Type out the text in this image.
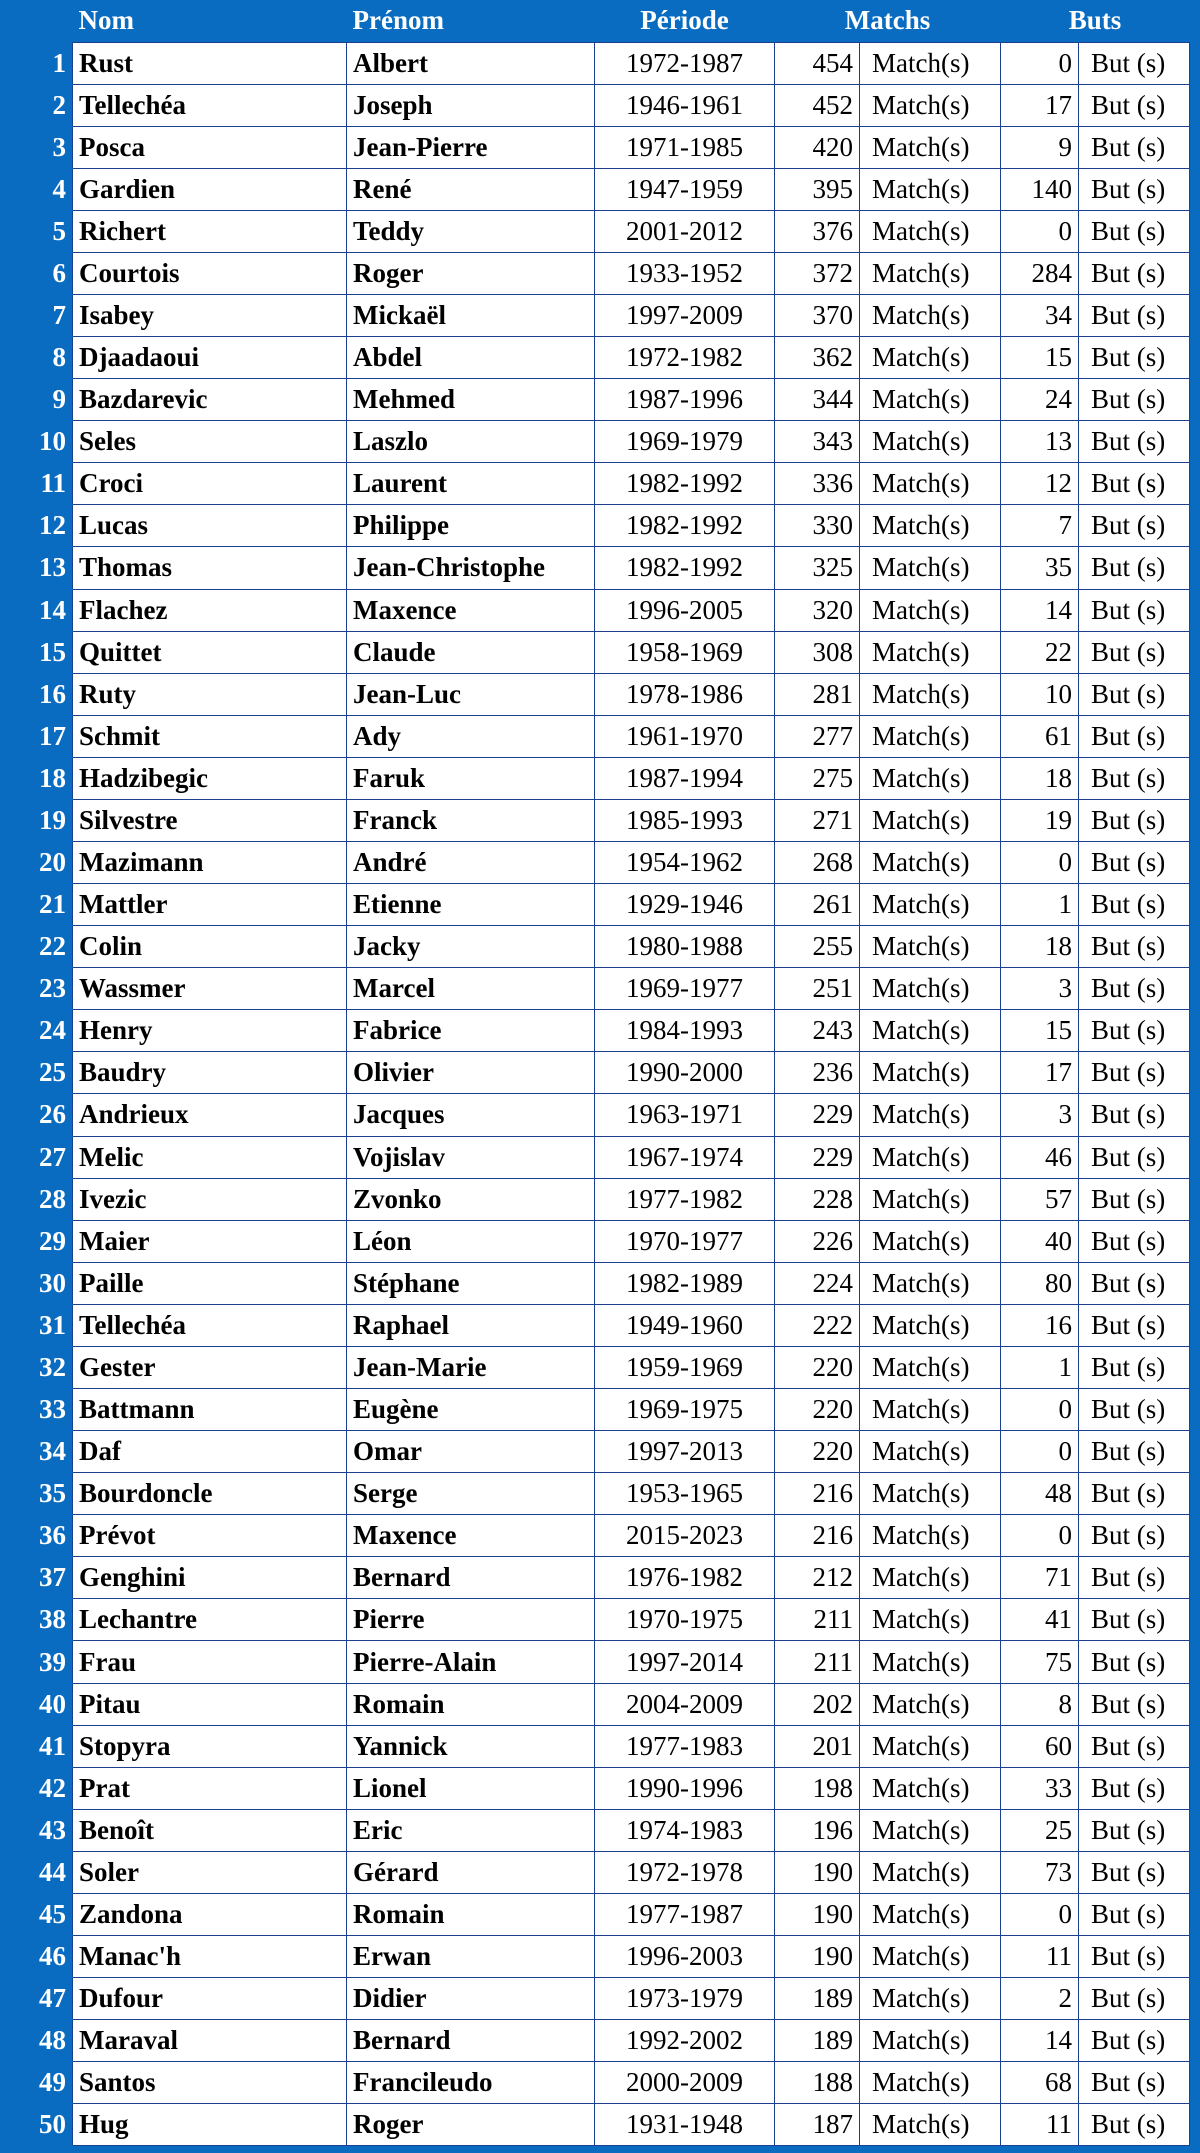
	Nom	Prénom	Période	Matchs		Buts	
1	Rust	Albert	1972-1987	454	Match(s)	0	But (s)
2	Tellechéa	Joseph	1946-1961	452	Match(s)	17	But (s)
3	Posca	Jean-Pierre	1971-1985	420	Match(s)	9	But (s)
4	Gardien	René	1947-1959	395	Match(s)	140	But (s)
5	Richert	Teddy	2001-2012	376	Match(s)	0	But (s)
6	Courtois	Roger	1933-1952	372	Match(s)	284	But (s)
7	Isabey	Mickaël	1997-2009	370	Match(s)	34	But (s)
8	Djaadaoui	Abdel	1972-1982	362	Match(s)	15	But (s)
9	Bazdarevic	Mehmed	1987-1996	344	Match(s)	24	But (s)
10	Seles	Laszlo	1969-1979	343	Match(s)	13	But (s)
11	Croci	Laurent	1982-1992	336	Match(s)	12	But (s)
12	Lucas	Philippe	1982-1992	330	Match(s)	7	But (s)
13	Thomas	Jean-Christophe	1982-1992	325	Match(s)	35	But (s)
14	Flachez	Maxence	1996-2005	320	Match(s)	14	But (s)
15	Quittet	Claude	1958-1969	308	Match(s)	22	But (s)
16	Ruty	Jean-Luc	1978-1986	281	Match(s)	10	But (s)
17	Schmit	Ady	1961-1970	277	Match(s)	61	But (s)
18	Hadzibegic	Faruk	1987-1994	275	Match(s)	18	But (s)
19	Silvestre	Franck	1985-1993	271	Match(s)	19	But (s)
20	Mazimann	André	1954-1962	268	Match(s)	0	But (s)
21	Mattler	Etienne	1929-1946	261	Match(s)	1	But (s)
22	Colin	Jacky	1980-1988	255	Match(s)	18	But (s)
23	Wassmer	Marcel	1969-1977	251	Match(s)	3	But (s)
24	Henry	Fabrice	1984-1993	243	Match(s)	15	But (s)
25	Baudry	Olivier	1990-2000	236	Match(s)	17	But (s)
26	Andrieux	Jacques	1963-1971	229	Match(s)	3	But (s)
27	Melic	Vojislav	1967-1974	229	Match(s)	46	But (s)
28	Ivezic	Zvonko	1977-1982	228	Match(s)	57	But (s)
29	Maier	Léon	1970-1977	226	Match(s)	40	But (s)
30	Paille	Stéphane	1982-1989	224	Match(s)	80	But (s)
31	Tellechéa	Raphael	1949-1960	222	Match(s)	16	But (s)
32	Gester	Jean-Marie	1959-1969	220	Match(s)	1	But (s)
33	Battmann	Eugène	1969-1975	220	Match(s)	0	But (s)
34	Daf	Omar	1997-2013	220	Match(s)	0	But (s)
35	Bourdoncle	Serge	1953-1965	216	Match(s)	48	But (s)
36	Prévot	Maxence	2015-2023	216	Match(s)	0	But (s)
37	Genghini	Bernard	1976-1982	212	Match(s)	71	But (s)
38	Lechantre	Pierre	1970-1975	211	Match(s)	41	But (s)
39	Frau	Pierre-Alain	1997-2014	211	Match(s)	75	But (s)
40	Pitau	Romain	2004-2009	202	Match(s)	8	But (s)
41	Stopyra	Yannick	1977-1983	201	Match(s)	60	But (s)
42	Prat	Lionel	1990-1996	198	Match(s)	33	But (s)
43	Benoît	Eric	1974-1983	196	Match(s)	25	But (s)
44	Soler	Gérard	1972-1978	190	Match(s)	73	But (s)
45	Zandona	Romain	1977-1987	190	Match(s)	0	But (s)
46	Manac'h	Erwan	1996-2003	190	Match(s)	11	But (s)
47	Dufour	Didier	1973-1979	189	Match(s)	2	But (s)
48	Maraval	Bernard	1992-2002	189	Match(s)	14	But (s)
49	Santos	Francileudo	2000-2009	188	Match(s)	68	But (s)
50	Hug	Roger	1931-1948	187	Match(s)	11	But (s)
